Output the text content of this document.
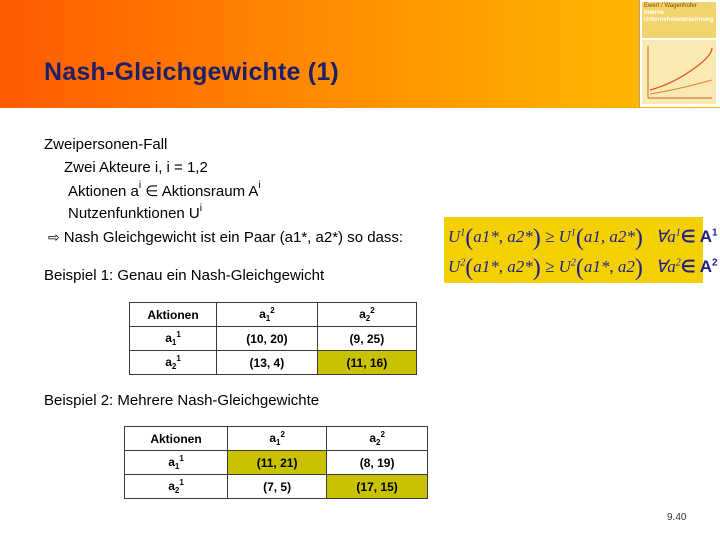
Nash-Gleichgewichte (1)
Ewert / Wagenhofer
Interne
Unternehmensrechnung
Zweipersonen-Fall
Zwei Akteure i, i = 1,2
Aktionen $a^i$ ∈ Aktionsraum $A^i$
Nutzenfunktionen $U^i$
⇨ Nash Gleichgewicht ist ein Paar (a1*, a2*) so dass:	$U^1(a1*$, $a2*) \ge U^1(a1$, a2*) $\forall a^1\in$ $A^1$
$U^2(a1*$, $a2*) \ge U^2(a1*$, a2) $\forall a^2\in$ $A^2$
Beispiel 1: Genau ein Nash-Gleichgewicht
Aktionen	$a_1^2$	$a_2^2$
$a_1^1$	(10, 20)	(9, 25)
$a_2^1$	(13, 4)	(11, 16)
Beispiel 2: Mehrere Nash-Gleichgewichte
Aktionen	$a_1^2$	$a_2^2$
$a_1^1$	(11, 21)	(8, 19)
$a_2^1$	(7, 5)	(17, 15)
9.40
